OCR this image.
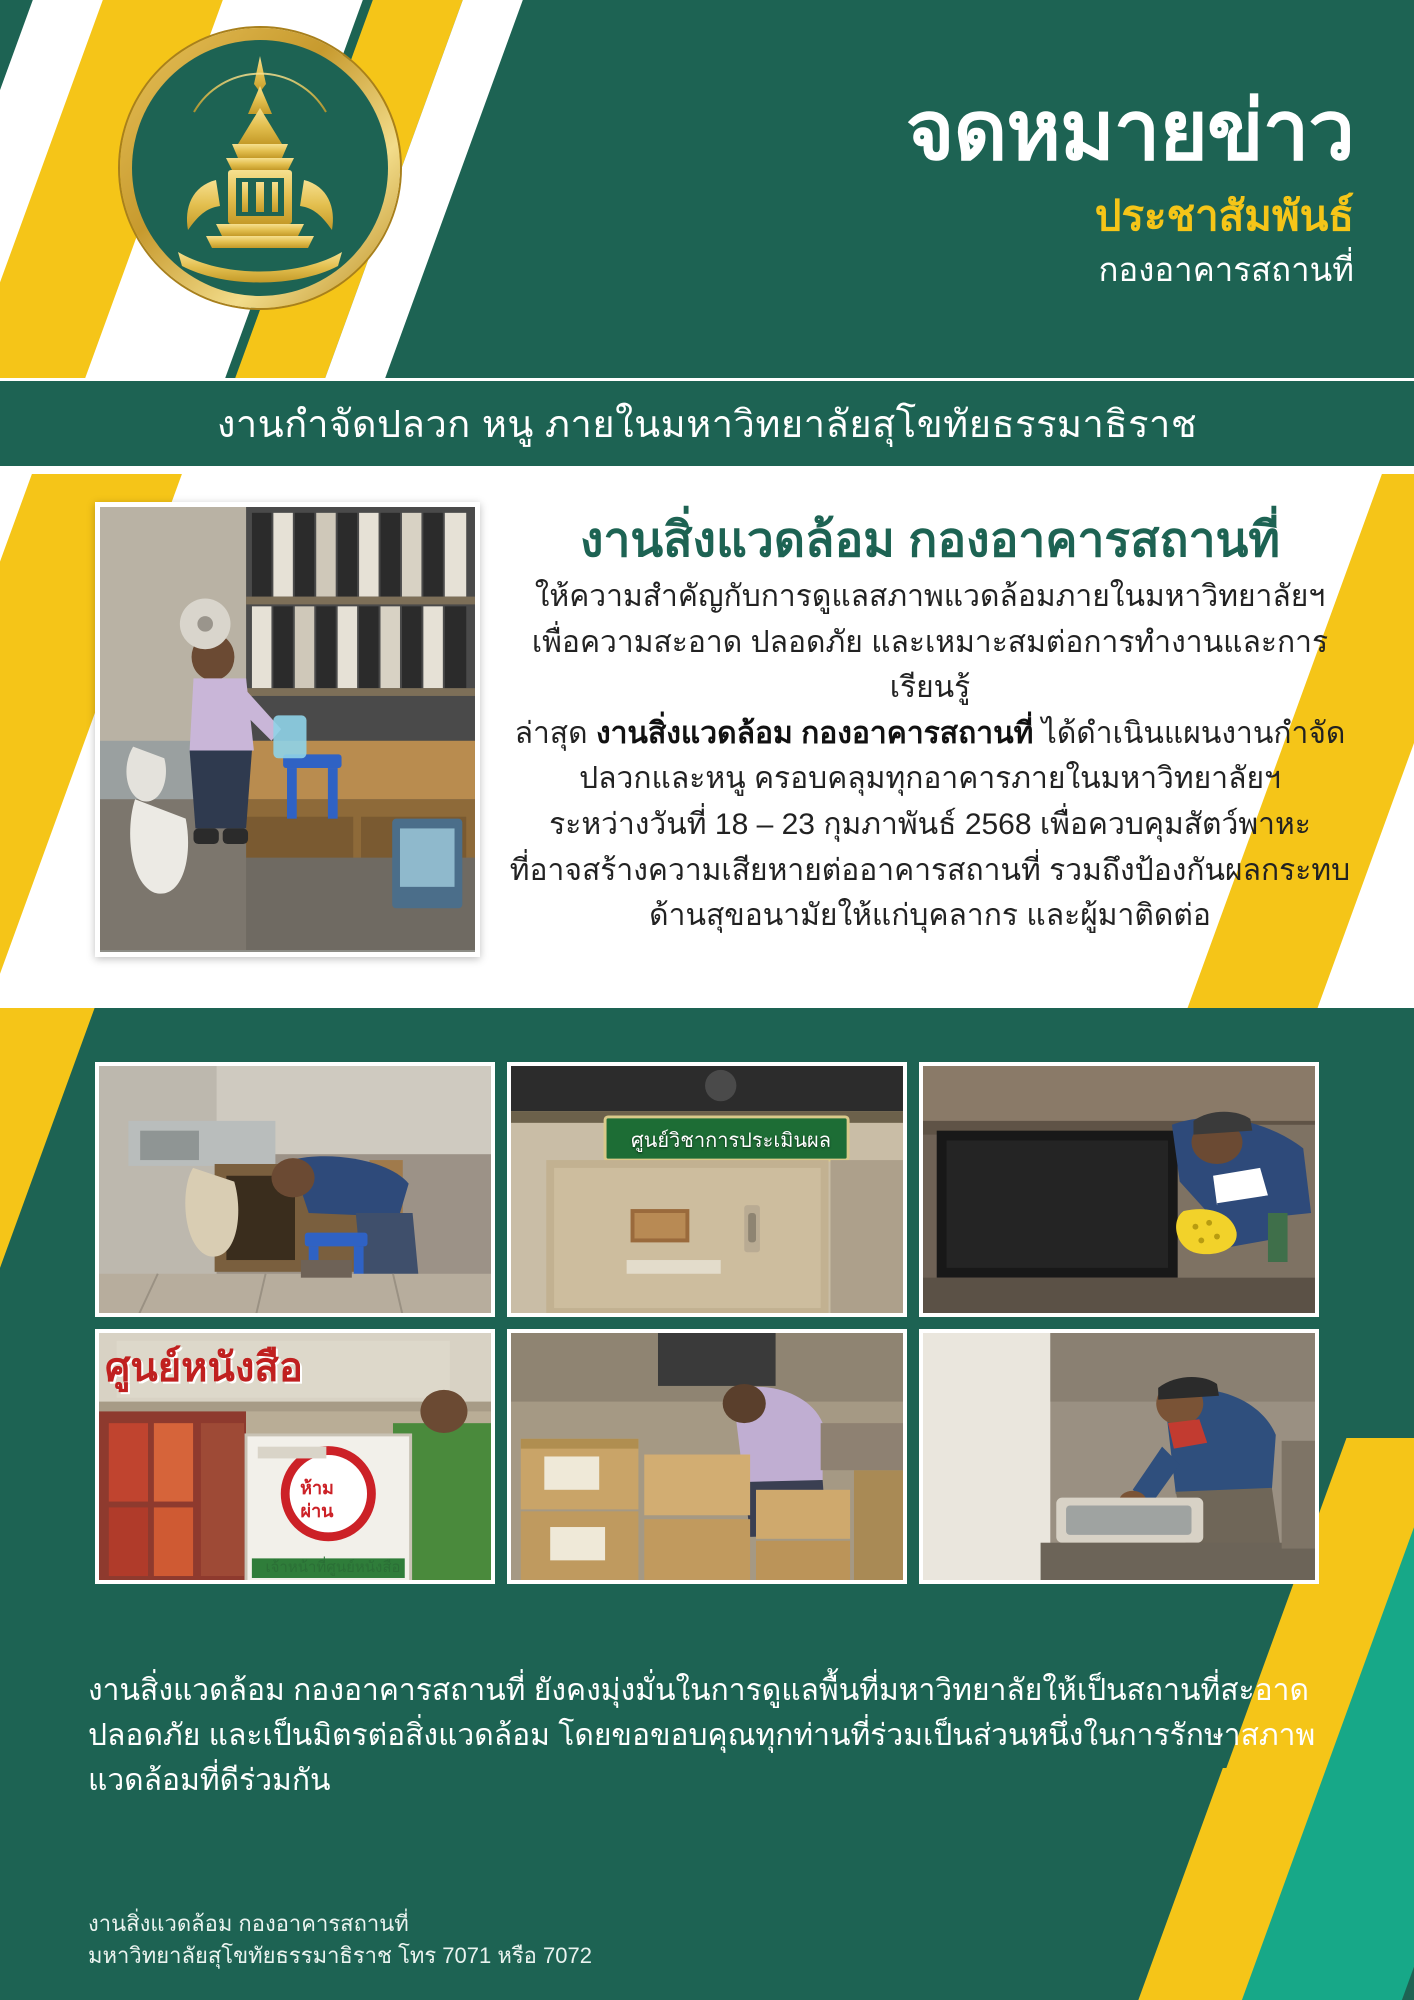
จดหมายข่าว
ประชาสัมพันธ์
กองอาคารสถานที่
งานกำจัดปลวก หนู ภายในมหาวิทยาลัยสุโขทัยธรรมาธิราช
งานสิ่งแวดล้อม กองอาคารสถานที่
ให้ความสำคัญกับการดูแลสภาพแวดล้อมภายในมหาวิทยาลัยฯ
เพื่อความสะอาด ปลอดภัย และเหมาะสมต่อการทำงานและการเรียนรู้
ล่าสุด งานสิ่งแวดล้อม กองอาคารสถานที่ ได้ดำเนินแผนงานกำจัด
ปลวกและหนู ครอบคลุมทุกอาคารภายในมหาวิทยาลัยฯ
ระหว่างวันที่ 18 – 23 กุมภาพันธ์ 2568 เพื่อควบคุมสัตว์พาหะ
ที่อาจสร้างความเสียหายต่ออาคารสถานที่ รวมถึงป้องกันผลกระทบ
ด้านสุขอนามัยให้แก่บุคลากร และผู้มาติดต่อ
ศูนย์วิชาการประเมินผล
ศูนย์หนังสือ
ห้าม
ผ่าน
เจ้าหน้าที่ศูนย์หนังสือ
งานสิ่งแวดล้อม กองอาคารสถานที่ ยังคงมุ่งมั่นในการดูแลพื้นที่มหาวิทยาลัยให้เป็นสถานที่สะอาด
ปลอดภัย และเป็นมิตรต่อสิ่งแวดล้อม โดยขอขอบคุณทุกท่านที่ร่วมเป็นส่วนหนึ่งในการรักษาสภาพ
แวดล้อมที่ดีร่วมกัน
งานสิ่งแวดล้อม กองอาคารสถานที่
มหาวิทยาลัยสุโขทัยธรรมาธิราช โทร 7071 หรือ 7072
